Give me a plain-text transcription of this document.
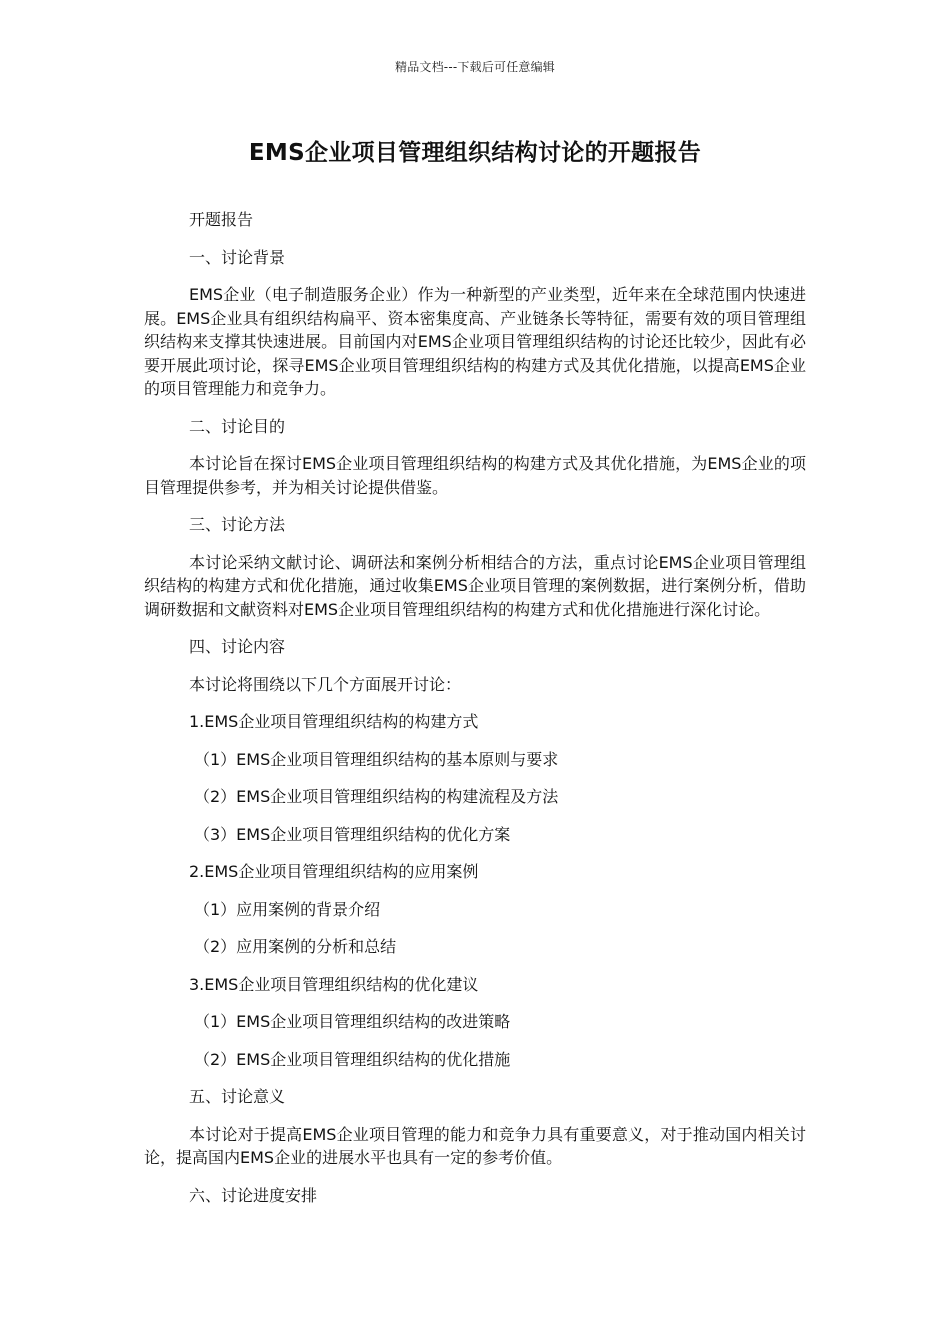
精品文档---下载后可任意编辑
EMS企业项目管理组织结构讨论的开题报告

开题报告

一、讨论背景

EMS企业（电子制造服务企业）作为一种新型的产业类型，近年来在全球范围内快速进展。EMS企业具有组织结构扁平、资本密集度高、产业链条长等特征，需要有效的项目管理组织结构来支撑其快速进展。目前国内对EMS企业项目管理组织结构的讨论还比较少，因此有必要开展此项讨论，探寻EMS企业项目管理组织结构的构建方式及其优化措施，以提高EMS企业的项目管理能力和竞争力。

二、讨论目的

本讨论旨在探讨EMS企业项目管理组织结构的构建方式及其优化措施，为EMS企业的项目管理提供参考，并为相关讨论提供借鉴。

三、讨论方法

本讨论采纳文献讨论、调研法和案例分析相结合的方法，重点讨论EMS企业项目管理组织结构的构建方式和优化措施，通过收集EMS企业项目管理的案例数据，进行案例分析，借助调研数据和文献资料对EMS企业项目管理组织结构的构建方式和优化措施进行深化讨论。

四、讨论内容

本讨论将围绕以下几个方面展开讨论：

1.EMS企业项目管理组织结构的构建方式

（1）EMS企业项目管理组织结构的基本原则与要求

（2）EMS企业项目管理组织结构的构建流程及方法

（3）EMS企业项目管理组织结构的优化方案

2.EMS企业项目管理组织结构的应用案例

（1）应用案例的背景介绍

（2）应用案例的分析和总结

3.EMS企业项目管理组织结构的优化建议

（1）EMS企业项目管理组织结构的改进策略

（2）EMS企业项目管理组织结构的优化措施

五、讨论意义

本讨论对于提高EMS企业项目管理的能力和竞争力具有重要意义，对于推动国内相关讨论，提高国内EMS企业的进展水平也具有一定的参考价值。

六、讨论进度安排
